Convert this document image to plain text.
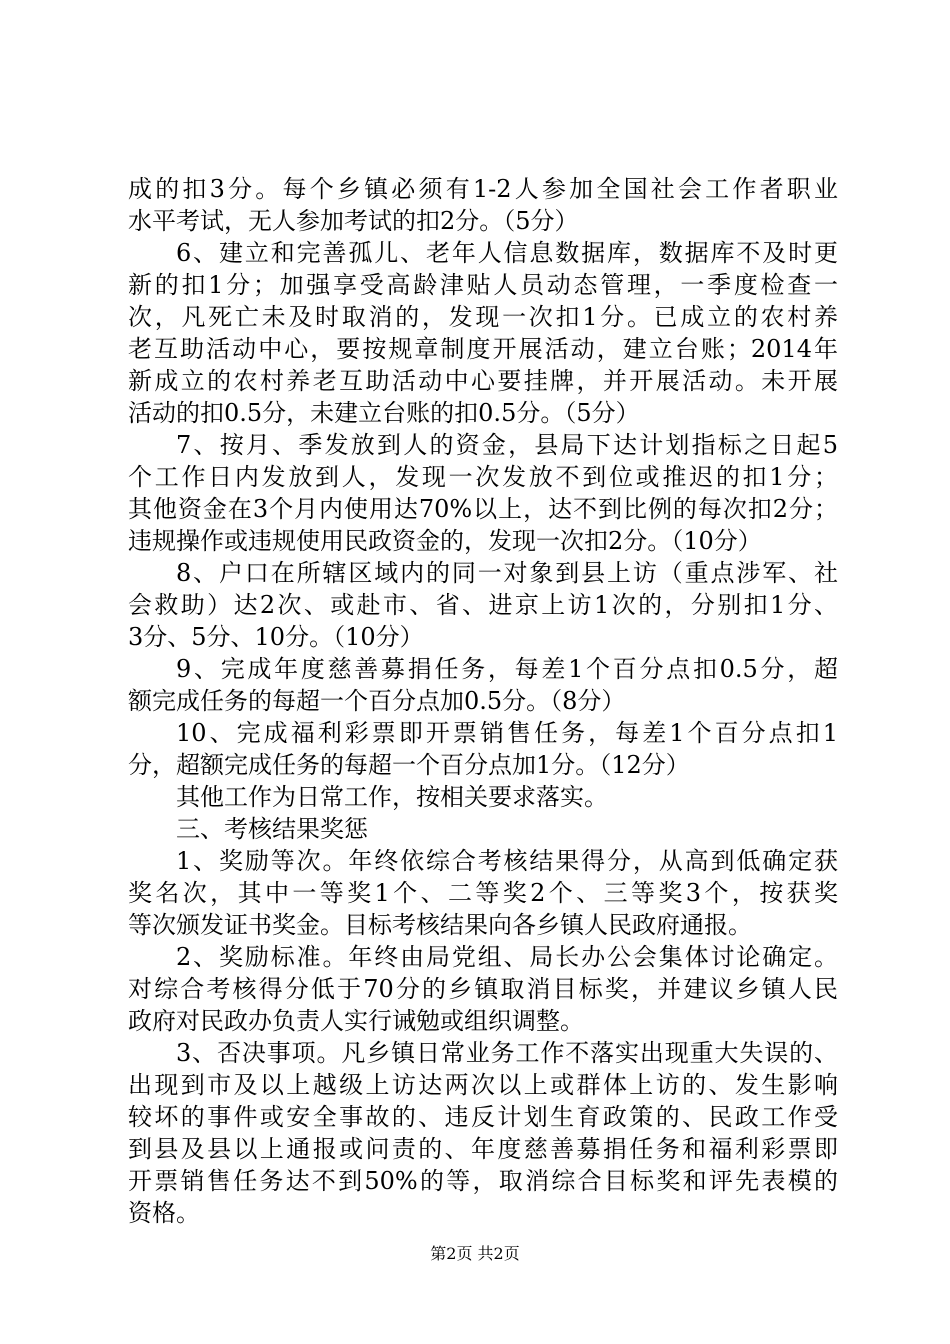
成的扣3分。每个乡镇必须有1-2人参加全国社会工作者职业
水平考试，无人参加考试的扣2分。（5分）
6、建立和完善孤儿、老年人信息数据库，数据库不及时更
新的扣1分；加强享受高龄津贴人员动态管理，一季度检查一
次，凡死亡未及时取消的，发现一次扣1分。已成立的农村养
老互助活动中心，要按规章制度开展活动，建立台账；2014年
新成立的农村养老互助活动中心要挂牌，并开展活动。未开展
活动的扣0.5分，未建立台账的扣0.5分。（5分）
7、按月、季发放到人的资金，县局下达计划指标之日起5
个工作日内发放到人，发现一次发放不到位或推迟的扣1分；
其他资金在3个月内使用达70%以上，达不到比例的每次扣2分；
违规操作或违规使用民政资金的，发现一次扣2分。（10分）
8、户口在所辖区域内的同一对象到县上访（重点涉军、社
会救助）达2次、或赴市、省、进京上访1次的，分别扣1分、
3分、5分、10分。（10分）
9、完成年度慈善募捐任务，每差1个百分点扣0.5分，超
额完成任务的每超一个百分点加0.5分。（8分）
10、完成福利彩票即开票销售任务，每差1个百分点扣1
分，超额完成任务的每超一个百分点加1分。（12分）
其他工作为日常工作，按相关要求落实。
三、考核结果奖惩
1、奖励等次。年终依综合考核结果得分，从高到低确定获
奖名次，其中一等奖1个、二等奖2个、三等奖3个，按获奖
等次颁发证书奖金。目标考核结果向各乡镇人民政府通报。
2、奖励标准。年终由局党组、局长办公会集体讨论确定。
对综合考核得分低于70分的乡镇取消目标奖，并建议乡镇人民
政府对民政办负责人实行诫勉或组织调整。
3、否决事项。凡乡镇日常业务工作不落实出现重大失误的、
出现到市及以上越级上访达两次以上或群体上访的、发生影响
较坏的事件或安全事故的、违反计划生育政策的、民政工作受
到县及县以上通报或问责的、年度慈善募捐任务和福利彩票即
开票销售任务达不到50%的等，取消综合目标奖和评先表模的
资格。
第2页 共2页
